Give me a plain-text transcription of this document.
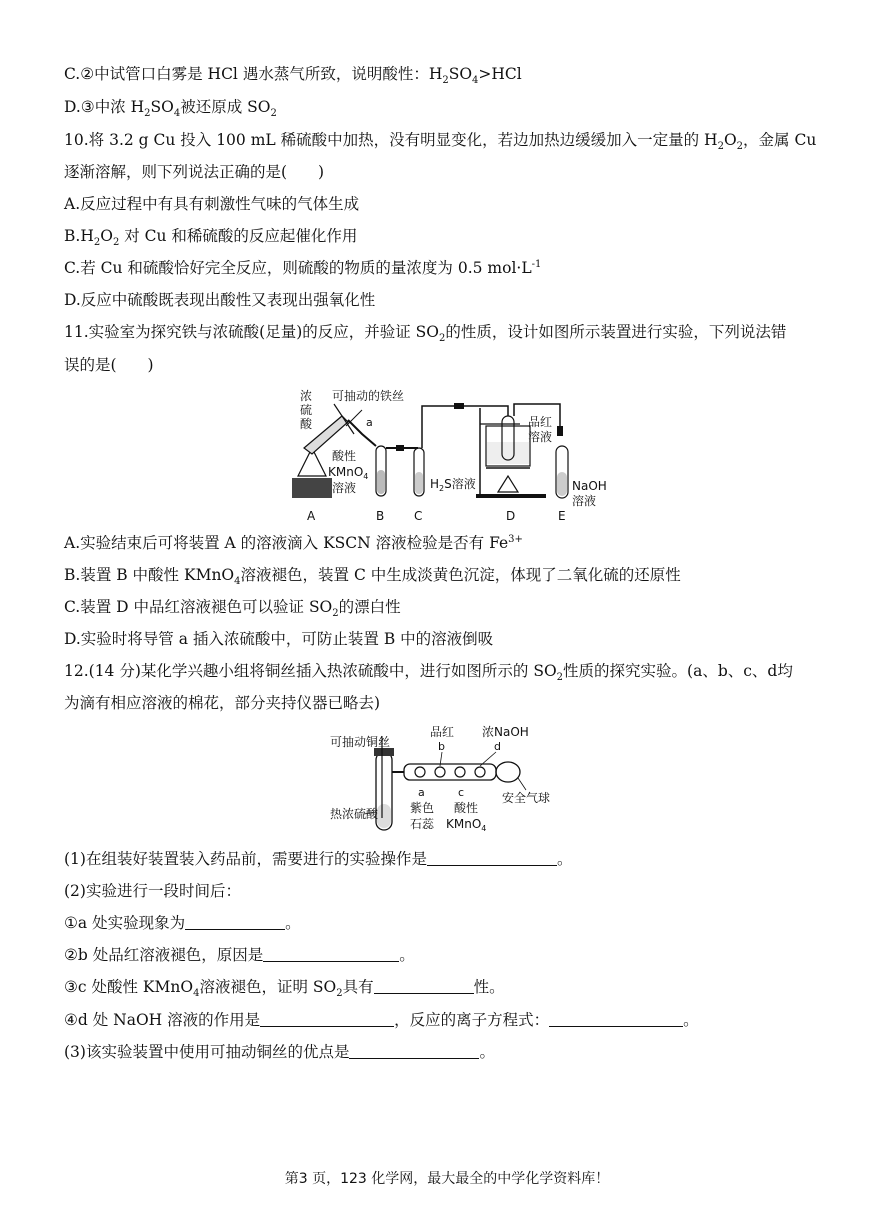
C.②中试管口白雾是 HCl 遇水蒸气所致，说明酸性：$H_2SO_4>HCl$
D.③中浓 $H_2SO_4$被还原成 $SO_2$
10.将 3.2 g Cu 投入 100 mL 稀硫酸中加热，没有明显变化，若边加热边缓缓加入一定量的 $H_2O_2$，金属 Cu
逐渐溶解，则下列说法正确的是(　　)
A.反应过程中有具有刺激性气味的气体生成
$B.H_2O_2$ 对 Cu 和稀硫酸的反应起催化作用
C.若 Cu 和硫酸恰好完全反应，则硫酸的物质的量浓度为 0.5 $mol\cdot L^{-1}$
D.反应中硫酸既表现出酸性又表现出强氧化性
11.实验室为探究铁与浓硫酸(足量)的反应，并验证 $SO_2$的性质，设计如图所示装置进行实验，下列说法错
误的是(　　)
浓
硫
酸
可抽动的铁丝
a
酸性
KMnO$_4$
溶液	$H_2S$溶液
品红
溶液
NaOH
溶液
A	B C	D	E
A.实验结束后可将装置 A 的溶液滴入 KSCN 溶液检验是否有 $Fe^{3+}$
B.装置 B 中酸性 KMnO$_4$溶液褪色，装置 C 中生成淡黄色沉淀，体现了二氧化硫的还原性
C.装置 D 中品红溶液褪色可以验证 $SO_2$的漂白性
D.实验时将导管 a 插入浓硫酸中，可防止装置 B 中的溶液倒吸
12.(14 分)某化学兴趣小组将铜丝插入热浓硫酸中，进行如图所示的 $SO_2$性质的探究实验。(a、b、c、d均
为滴有相应溶液的棉花，部分夹持仪器已略去)
可抽动铜丝
热浓硫酸
品红
b
浓NaOH
d
a	c
紫色
石蕊
酸性
KMnO$_4$
安全气球
(1)在组装好装置装入药品前，需要进行的实验操作是	。
(2)实验进行一段时间后：
①a 处实验现象为	。
②b 处品红溶液褪色，原因是	。
③c 处酸性 KMnO$_4$溶液褪色，证明 $SO_2$具有	性。
④d 处 NaOH 溶液的作用是	，反应的离子方程式：	。
(3)该实验装置中使用可抽动铜丝的优点是	。
第3 页，123 化学网，最大最全的中学化学资料库！
